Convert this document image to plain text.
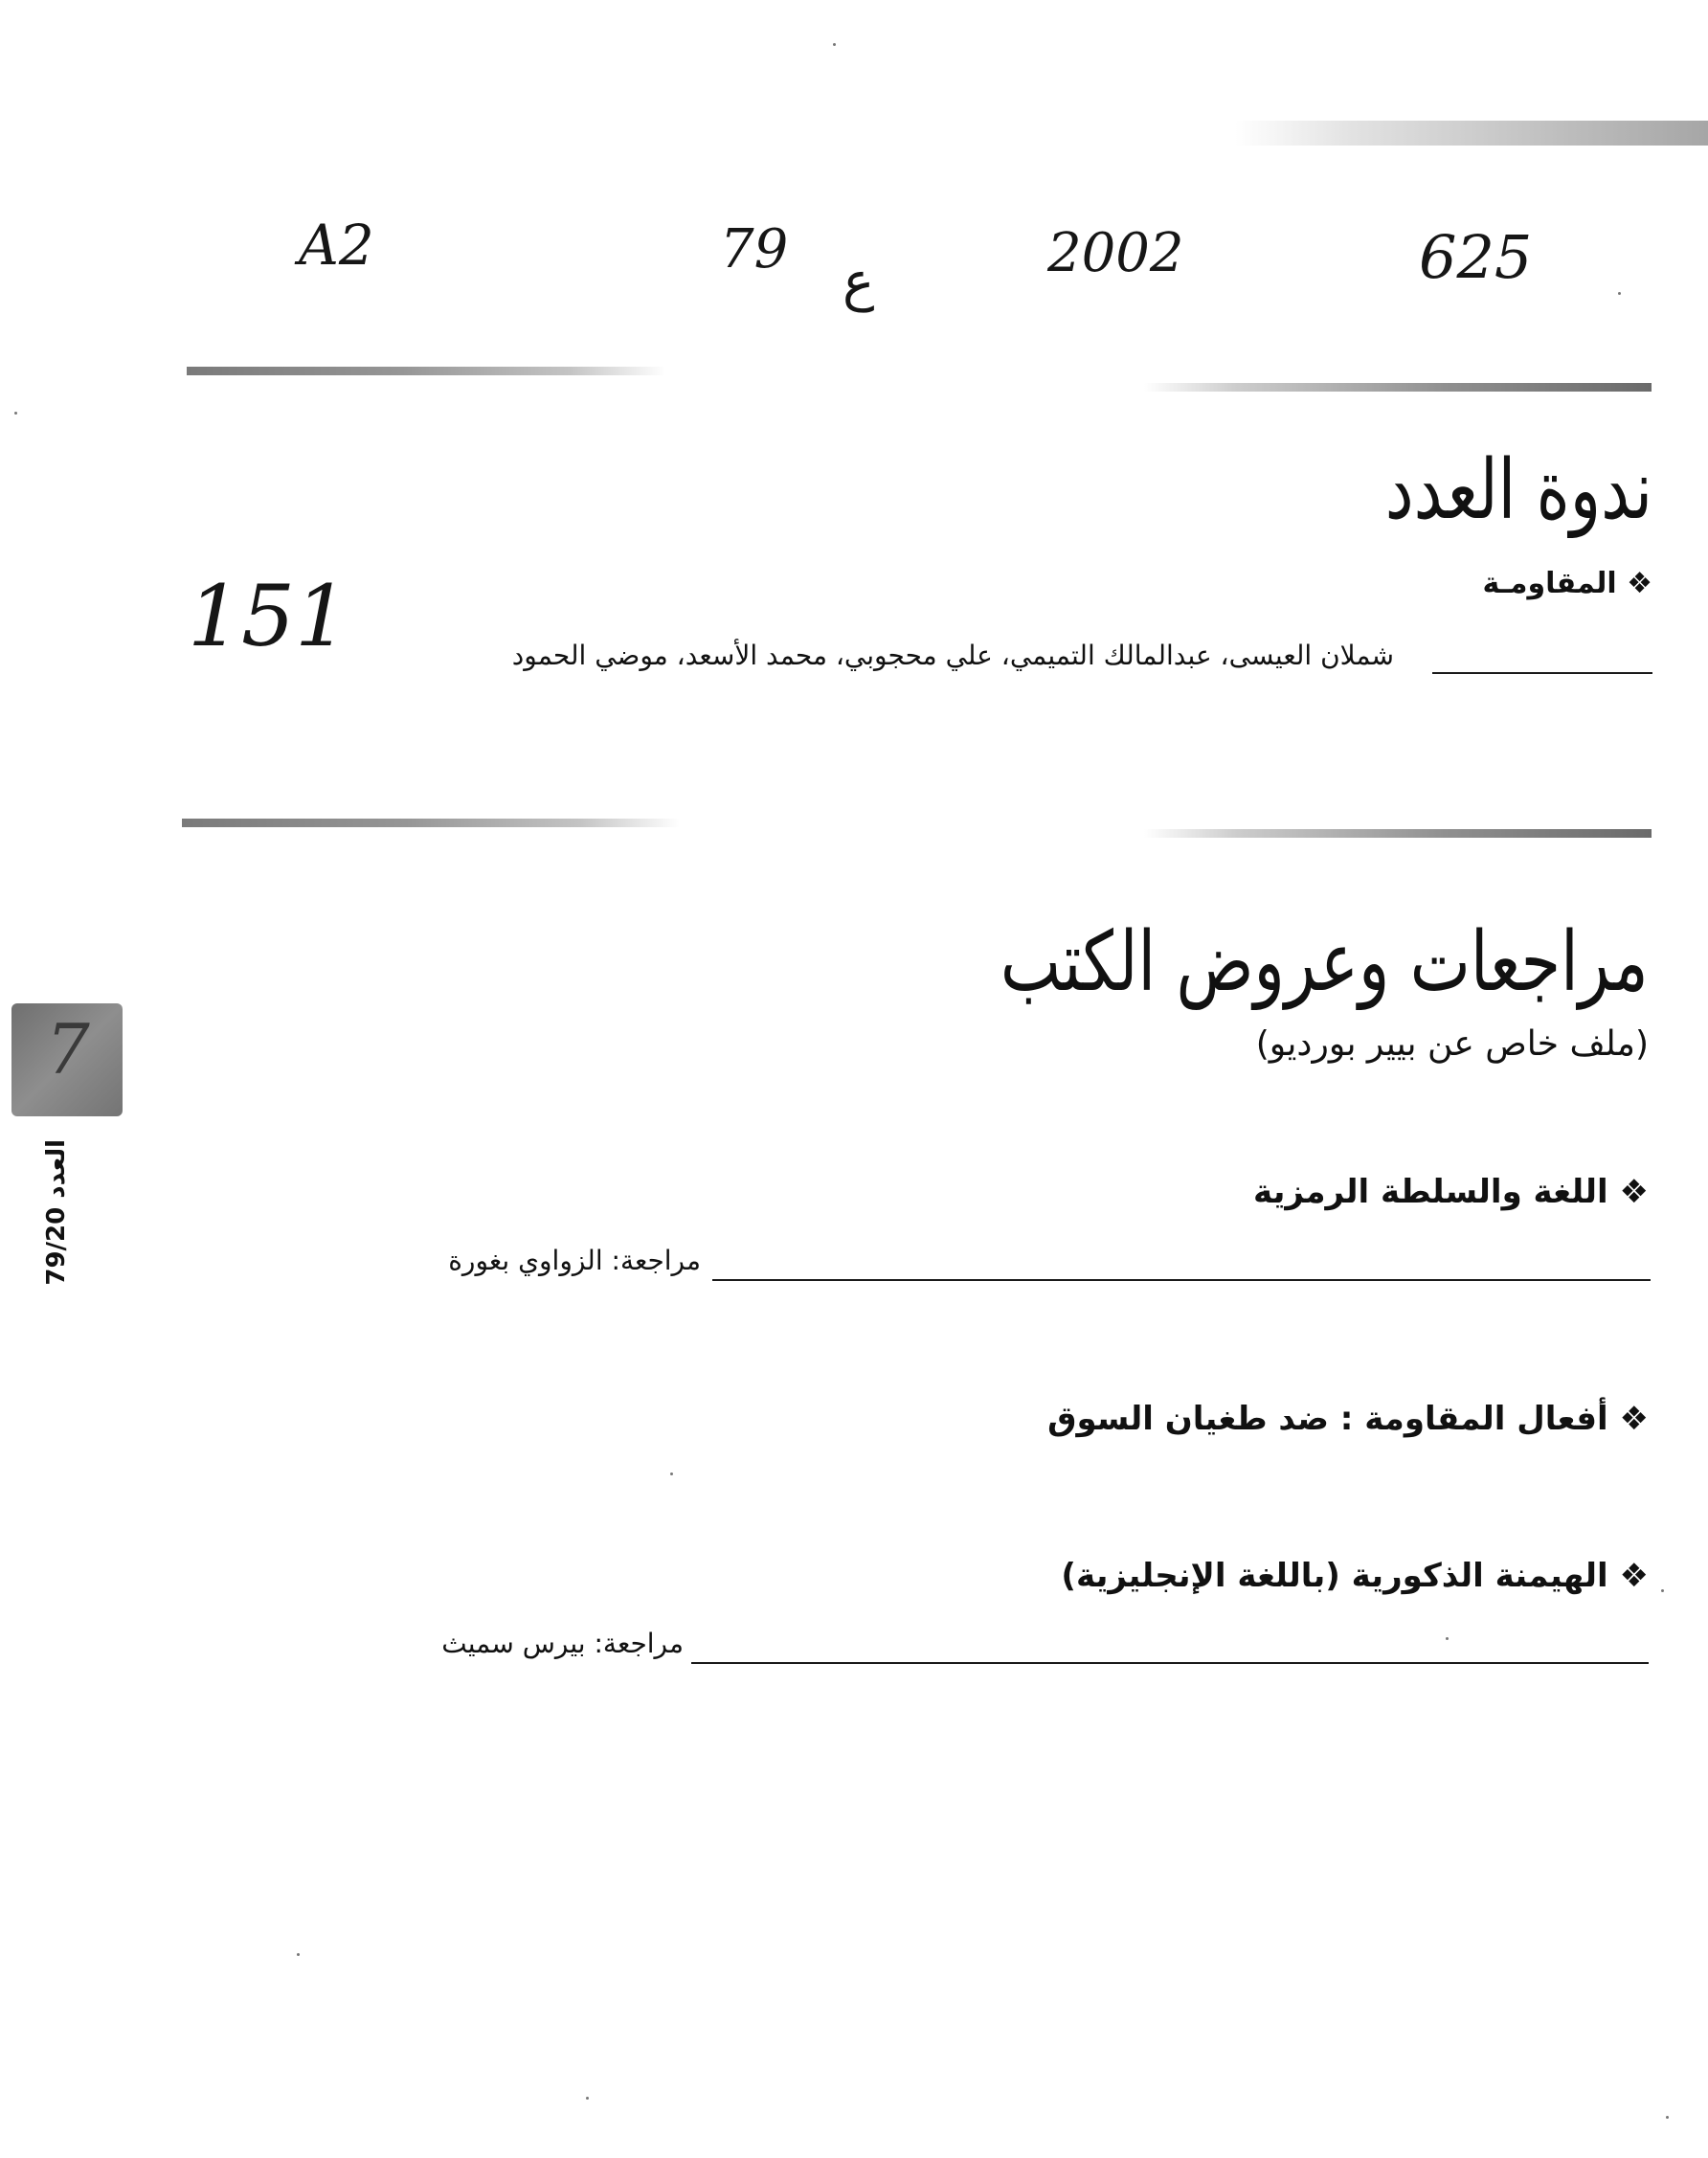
A2	79
ع	2002	625
ندوة العدد
❖ المقاومـة
151	شملان العيسى، عبدالمالك التميمي، علي محجوبي، محمد الأسعد، موضي الحمود
مراجعات وعروض الكتب
(ملف خاص عن بيير بورديو)
❖ اللغة والسلطة الرمزية
مراجعة: الزواوي بغورة
❖ أفعال المقاومة : ضد طغيان السوق
❖ الهيمنة الذكورية (باللغة الإنجليزية)
مراجعة: بيرس سميث
7
العدد 79/20
